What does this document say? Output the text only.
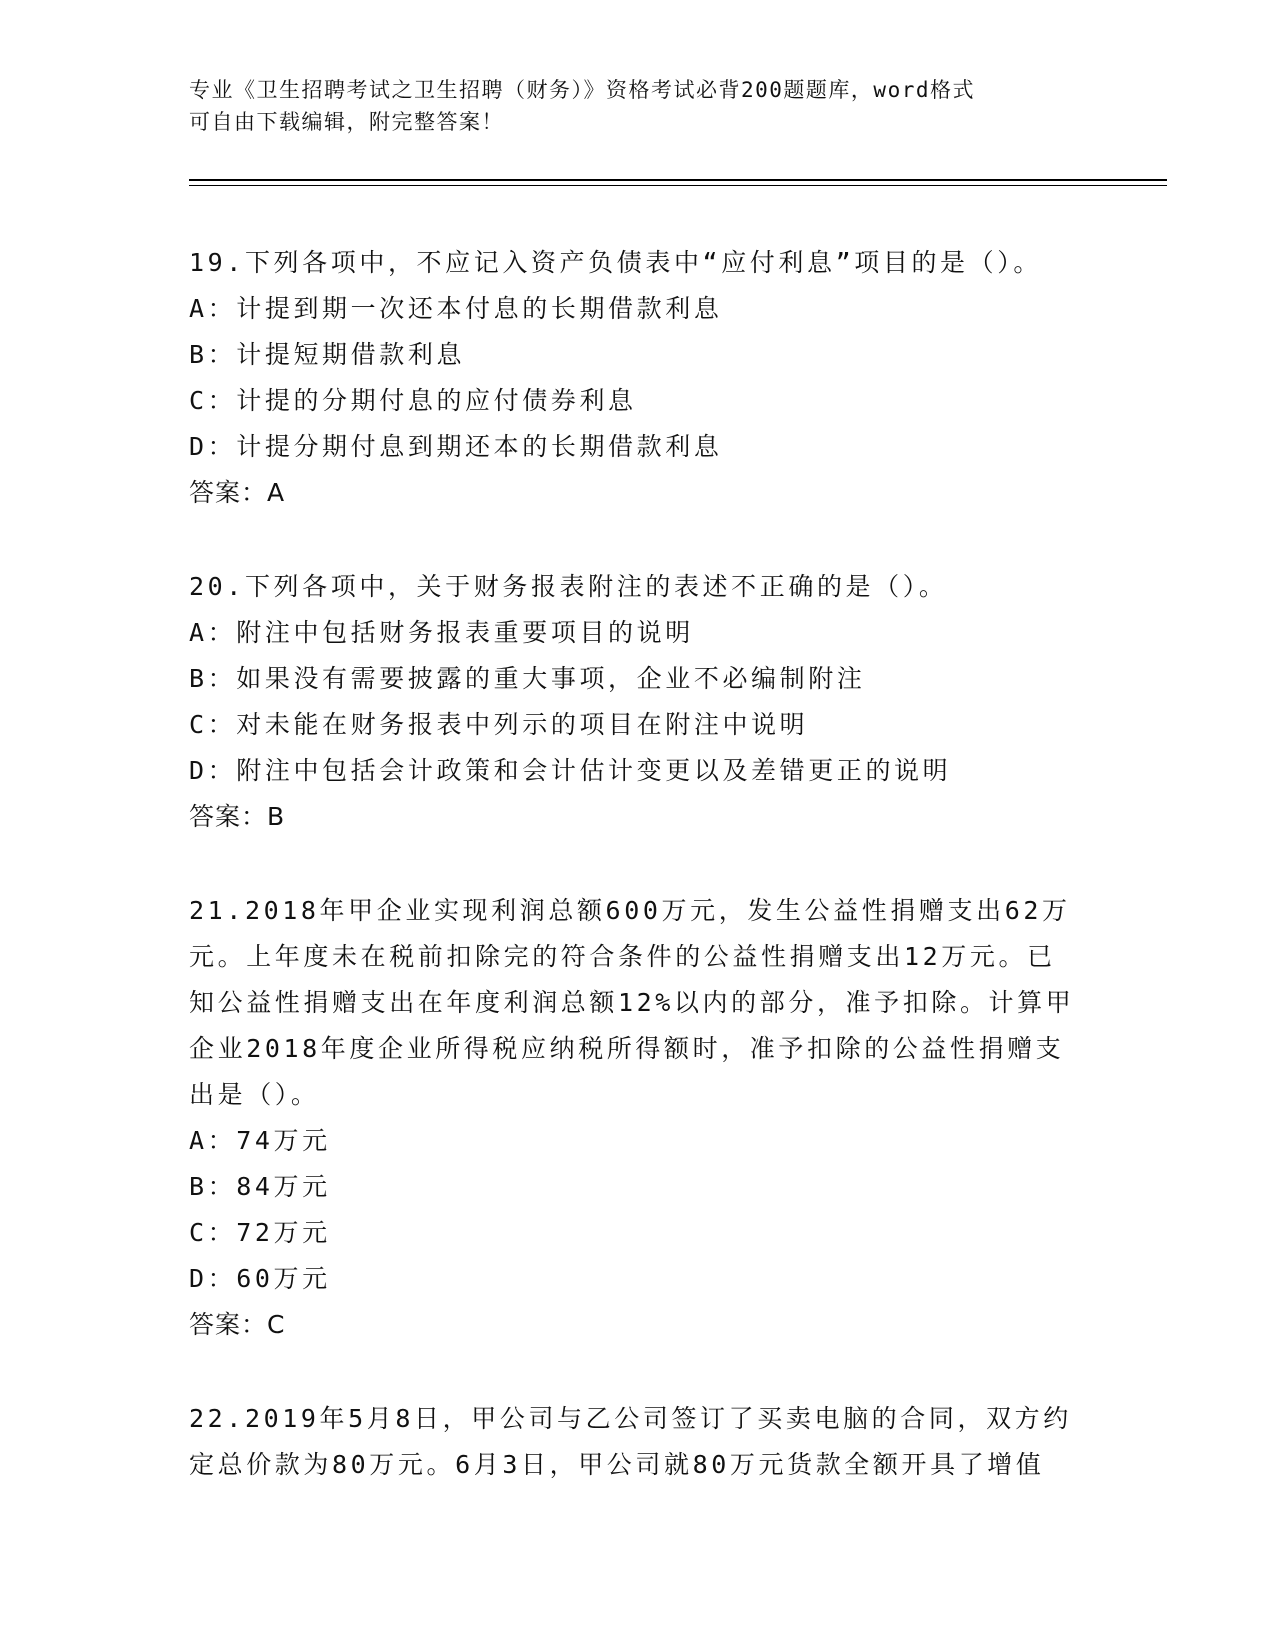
专业《卫生招聘考试之卫生招聘（财务）》资格考试必背200题题库，word格式
可自由下载编辑，附完整答案！
19.下列各项中，不应记入资产负债表中“应付利息”项目的是（）。
A：计提到期一次还本付息的长期借款利息
B：计提短期借款利息
C：计提的分期付息的应付债券利息
D：计提分期付息到期还本的长期借款利息
答案：A
20.下列各项中，关于财务报表附注的表述不正确的是（）。
A：附注中包括财务报表重要项目的说明
B：如果没有需要披露的重大事项，企业不必编制附注
C：对未能在财务报表中列示的项目在附注中说明
D：附注中包括会计政策和会计估计变更以及差错更正的说明
答案：B
21.2018年甲企业实现利润总额600万元，发生公益性捐赠支出62万
元。上年度未在税前扣除完的符合条件的公益性捐赠支出12万元。已
知公益性捐赠支出在年度利润总额12%以内的部分，准予扣除。计算甲
企业2018年度企业所得税应纳税所得额时，准予扣除的公益性捐赠支
出是（）。
A：74万元
B：84万元
C：72万元
D：60万元
答案：C
22.2019年5月8日，甲公司与乙公司签订了买卖电脑的合同，双方约
定总价款为80万元。6月3日，甲公司就80万元货款全额开具了增值
